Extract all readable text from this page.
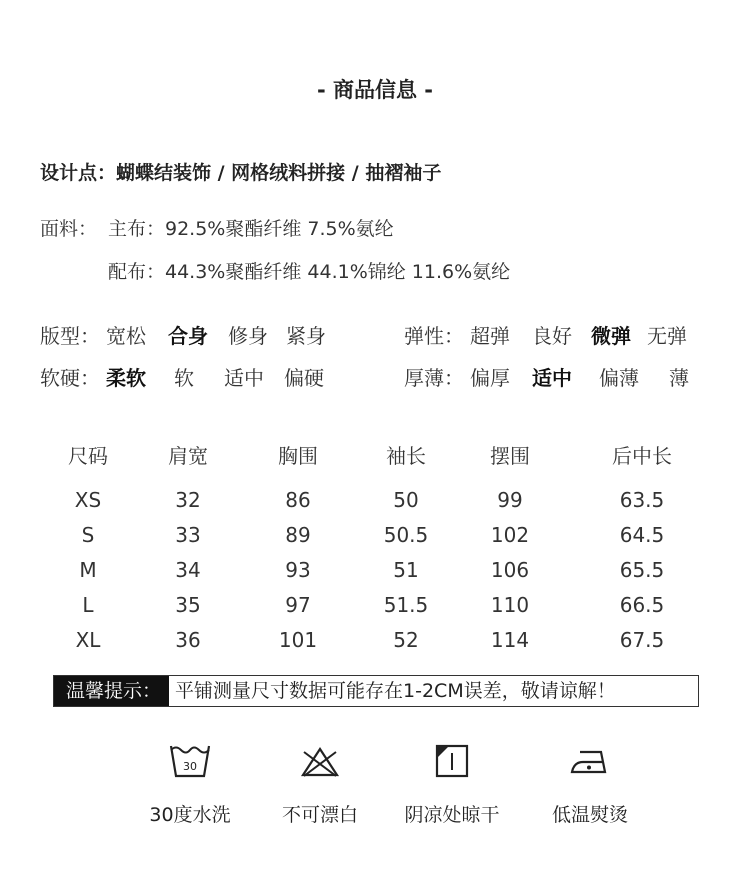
- 商品信息 -
设计点：蝴蝶结装饰 / 网格绒料拼接 / 抽褶袖子
面料： 主布：92.5%聚酯纤维 7.5%氨纶
配布：44.3%聚酯纤维 44.1%锦纶 11.6%氨纶
版型： 宽松	合身	修身 紧身	弹性： 超弹	良好 微弹 无弹
软硬： 柔软	软	适中	偏硬	厚薄： 偏厚	适中	偏薄	薄
尺码	肩宽	胸围	袖长	摆围	后中长
XS	32	86	50	99	63.5
S	33	89	50.5	102	64.5
M	34	93	51	106	65.5
L	35	97	51.5	110	66.5
XL	36	101	52	114	67.5
温馨提示： 平铺测量尺寸数据可能存在1-2CM误差，敬请谅解！
30
30度水洗	不可漂白	阴凉处晾干	低温熨烫
